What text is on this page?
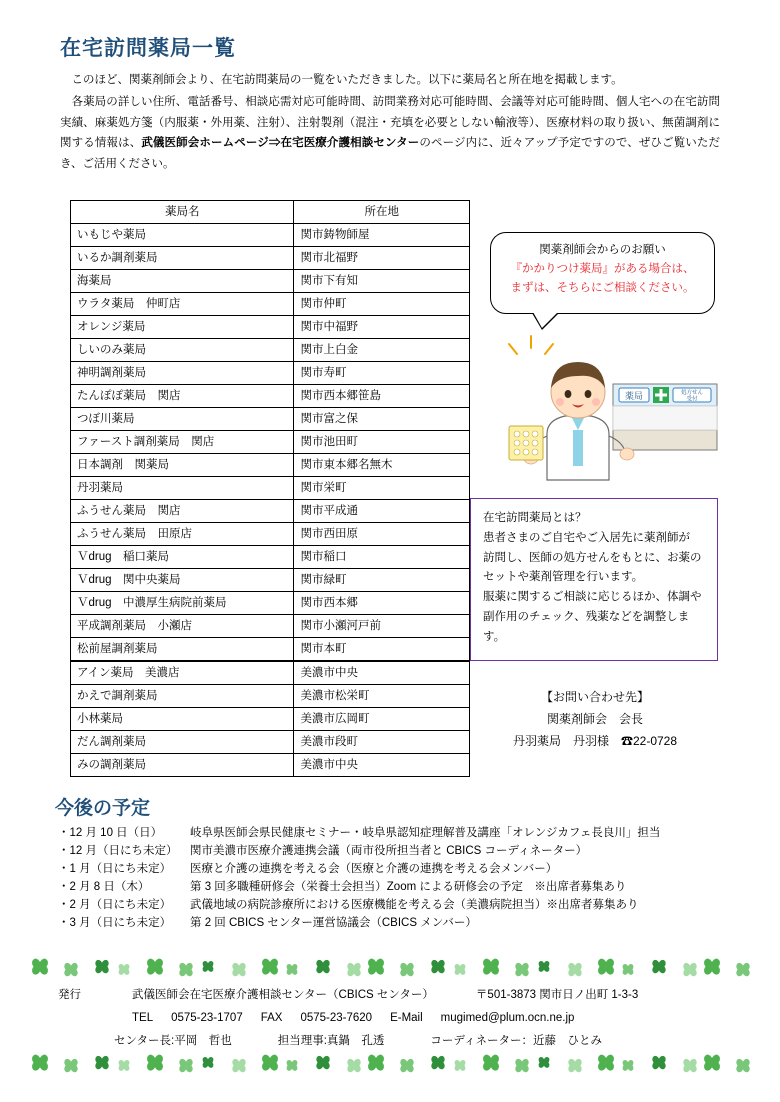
在宅訪問薬局一覧

このほど、関薬剤師会より、在宅訪問薬局の一覧をいただきました。以下に薬局名と所在地を掲載します。

各薬局の詳しい住所、電話番号、相談応需対応可能時間、訪問業務対応可能時間、会議等対応可能時間、個人宅への在宅訪問実績、麻薬処方箋（内服薬・外用薬、注射）、注射製剤（混注・充填を必要としない輸液等）、医療材料の取り扱い、無菌調剤に関する情報は、武儀医師会ホームページ⇒在宅医療介護相談センターのページ内に、近々アップ予定ですので、ぜひご覧いただき、ご活用ください。

薬局名	所在地
いもじや薬局	関市鋳物師屋
いるか調剤薬局	関市北福野
海薬局	関市下有知
ウラタ薬局　仲町店	関市仲町
オレンジ薬局	関市中福野
しいのみ薬局	関市上白金
神明調剤薬局	関市寿町
たんぽぽ薬局　関店	関市西本郷笹島
つぼ川薬局	関市富之保
ファースト調剤薬局　関店	関市池田町
日本調剤　関薬局	関市東本郷名無木
丹羽薬局	関市栄町
ふうせん薬局　関店	関市平成通
ふうせん薬局　田原店	関市西田原
Ｖdrug　稲口薬局	関市稲口
Ｖdrug　関中央薬局	関市緑町
Ｖdrug　中濃厚生病院前薬局	関市西本郷
平成調剤薬局　小瀬店	関市小瀬河戸前
松前屋調剤薬局	関市本町
アイン薬局　美濃店	美濃市中央
かえで調剤薬局	美濃市松栄町
小林薬局	美濃市広岡町
だん調剤薬局	美濃市段町
みの調剤薬局	美濃市中央
関薬剤師会からのお願い
『かかりつけ薬局』がある場合は、
まずは、そちらにご相談ください。
薬局	処方せん
受付
在宅訪問薬局とは？
患者さまのご自宅やご入居先に薬剤師が
訪問し、医師の処方せんをもとに、お薬の
セットや薬剤管理を行います。
服薬に関するご相談に応じるほか、体調や
副作用のチェック、残薬などを調整します。
【お問い合わせ先】
関薬剤師会　会長
丹羽薬局　丹羽様　☎22-0728
今後の予定
・12 月 10 日（日）	岐阜県医師会県民健康セミナー・岐阜県認知症理解普及講座「オレンジカフェ長良川」担当
・12 月（日にち未定）	関市美濃市医療介護連携会議（両市役所担当者と CBICS コーディネーター）
・1 月（日にち未定）	医療と介護の連携を考える会（医療と介護の連携を考える会メンバー）
・2 月 8 日（木）	第 3 回多職種研修会（栄養士会担当）Zoom による研修会の予定　※出席者募集あり
・2 月（日にち未定）	武儀地域の病院診療所における医療機能を考える会（美濃病院担当）※出席者募集あり
・3 月（日にち未定）	第 2 回 CBICS センター運営協議会（CBICS メンバー）
発行	武儀医師会在宅医療介護相談センター（CBICS センター）	〒501-3873 関市日ノ出町 1-3-3
TEL 0575-23-1707 FAX 0575-23-7620 E-Mail mugimed@plum.ocn.ne.jp
センター長:平岡　哲也　　　　担当理事:真鍋　孔透　　　　コーディネーター：近藤　ひとみ
